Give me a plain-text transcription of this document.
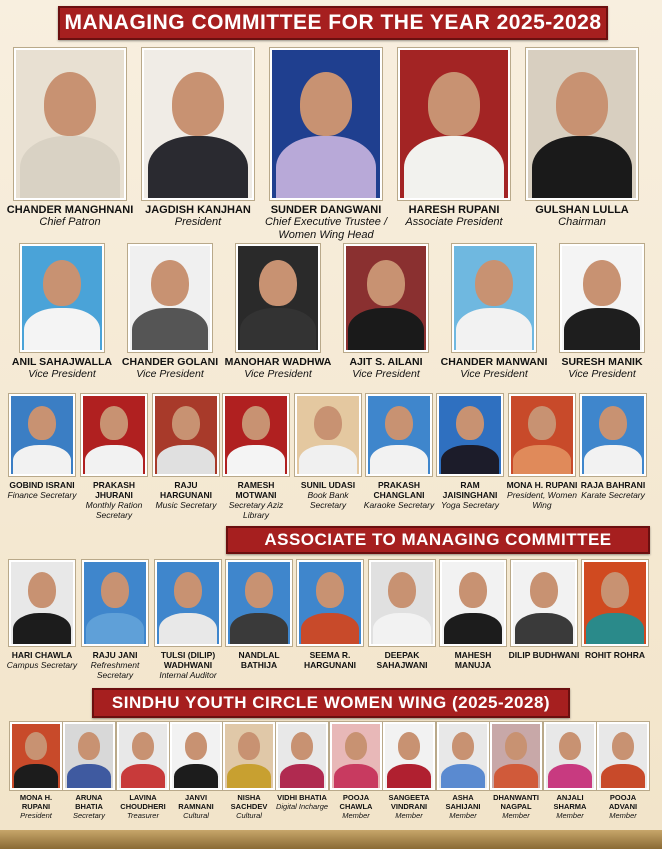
MANAGING COMMITTEE FOR THE YEAR 2025-2028
CHANDER MANGHNANI
Chief Patron
JAGDISH KANJHAN
President
SUNDER DANGWANI
Chief Executive Trustee / Women Wing Head
HARESH RUPANI
Associate President
GULSHAN LULLA
Chairman
ANIL SAHAJWALLA
Vice President
CHANDER GOLANI
Vice President
MANOHAR WADHWA
Vice President
AJIT S. AILANI
Vice President
CHANDER MANWANI
Vice President
SURESH MANIK
Vice President
GOBIND ISRANI
Finance Secretary
PRAKASH JHURANI
Monthly Ration Secretary
RAJU HARGUNANI
Music Secretary
RAMESH MOTWANI
Secretary Aziz Library
SUNIL UDASI
Book Bank Secretary
PRAKASH CHANGLANI
Karaoke Secretary
RAM JAISINGHANI
Yoga Secretary
MONA H. RUPANI
President, Women Wing
RAJA BAHRANI
Karate Secretary
ASSOCIATE TO MANAGING COMMITTEE
HARI CHAWLA
Campus Secretary
RAJU JANI
Refreshment Secretary
TULSI (DILIP) WADHWANI
Internal Auditor
NANDLAL BATHIJA
SEEMA R. HARGUNANI
DEEPAK SAHAJWANI
MAHESH MANUJA
DILIP BUDHWANI ROHIT ROHRA
SINDHU YOUTH CIRCLE WOMEN WING (2025-2028)
MONA H. RUPANI
President
ARUNA BHATIA
Secretary
LAVINA CHOUDHERI
Treasurer
JANVI RAMNANI
Cultural
NISHA SACHDEV
Cultural
VIDHI BHATIA
Digital Incharge
POOJA CHAWLA
Member
SANGEETA VINDRANI
Member
ASHA SAHIJANI
Member
DHANWANTI NAGPAL
Member
ANJALI SHARMA
Member
POOJA ADVANI
Member
